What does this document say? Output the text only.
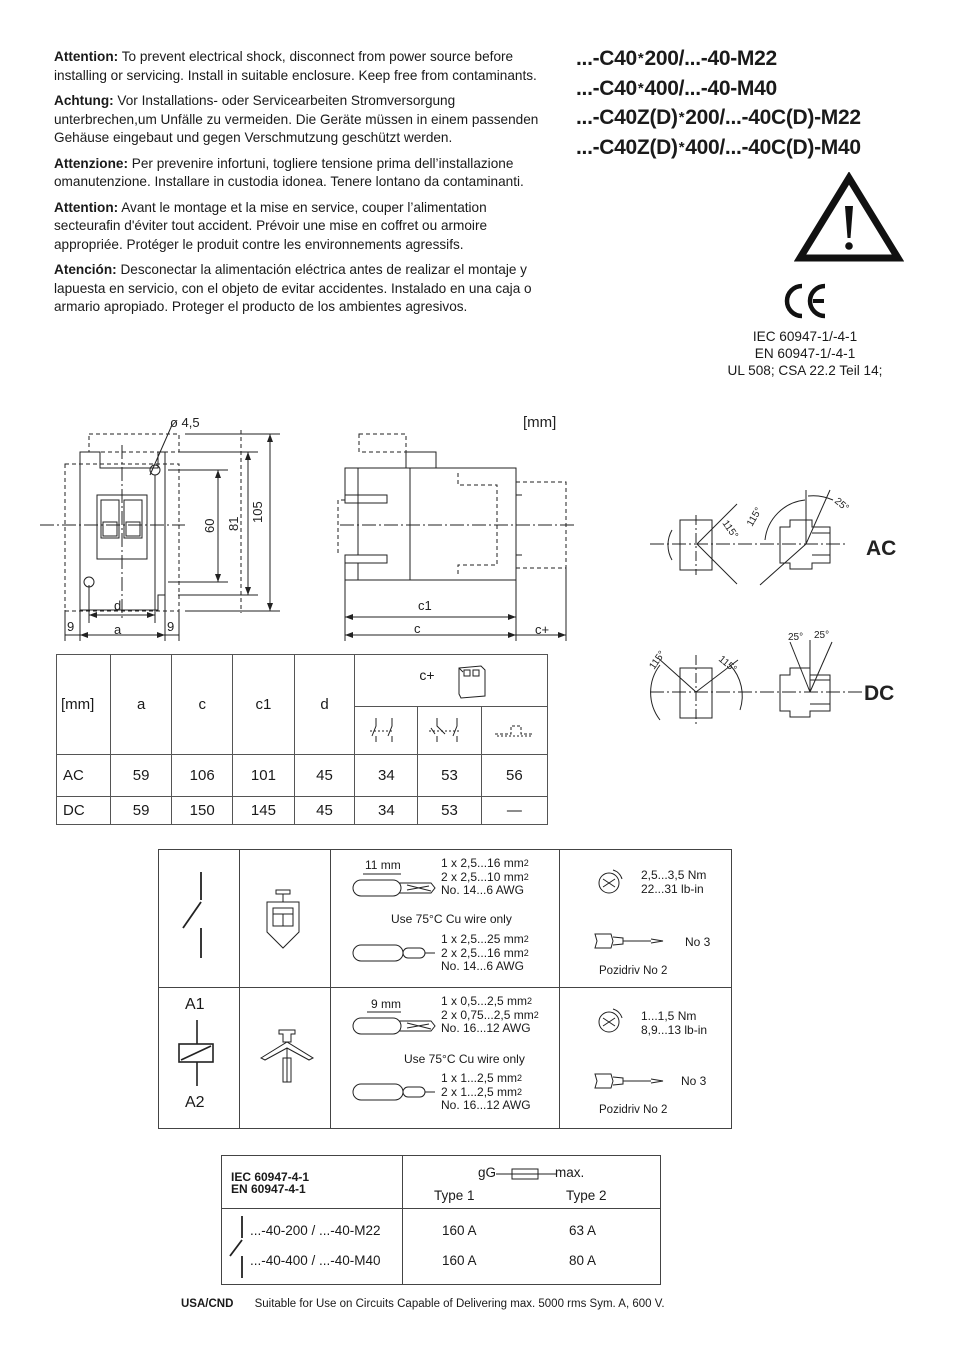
Attention: To prevent electrical shock, disconnect from power source before installing or servicing. Install in suitable enclosure. Keep free from contaminants.

Achtung: Vor Installations- oder Servicearbeiten Stromversorgung unterbrechen,um Unfälle zu vermeiden. Die Geräte müssen in einem passenden Gehäuse eingebaut und gegen Verschmutzung geschützt werden.

Attenzione: Per prevenire infortuni, togliere tensione prima dell’installazione omanutenzione. Installare in custodia idonea. Tenere lontano da contaminanti.

Attention: Avant le montage et la mise en service, couper l’alimentation secteurafin d'éviter tout accident. Prévoir une mise en coffret ou armoire appropriée. Protéger le produit contre les environnements agressifs.

Atención: Desconectar la alimentación eléctrica antes de realizar el montaje y lapuesta en servicio, con el objeto de evitar accidentes. Instalado en una caja o armario apropiado. Proteger el producto de los ambientes agresivos.

...-C40*200/...-40-M22
...-C40*400/...-40-M40
...-C40Z(D)*200/...-40C(D)-M22
...-C40Z(D)*400/...-40C(D)-M40
IEC 60947-1/-4-1
EN 60947-1/-4-1
UL 508; CSA 22.2 Teil 14;
ø 4,5	[mm]
60 81
105
d
a
9	9
c1
c	c+
115°
115°
25°
AC
115°	115°
25° 25°
DC
[mm]	a	c	c1	d	c+		

AC	59	106	101	45	34	53	56
DC	59	150	145	45	34	53	—
11 mm	1 x 2,5...16 $mm^2$
2 x 2,5...10 $mm^2$
No. 14...6 AWG
Use 75°C Cu wire only
1 x 2,5...25 $mm^2$
2 x 2,5...16 $mm^2$
No. 14...6 AWG
2,5...3,5 Nm
22...31 lb-in
No 3
Pozidriv No 2
A1
A2
9 mm	1 x 0,5...2,5 $mm^2$
2 x 0,75...2,5 $mm^2$
No. 16...12 AWG
Use 75°C Cu wire only
1 x 1...2,5 $mm^2$
2 x 1...2,5 $mm^2$
No. 16...12 AWG
1...1,5 Nm
8,9...13 lb-in
No 3
Pozidriv No 2
IEC 60947-4-1
EN 60947-4-1
gG	max.
Type 1	Type 2
...-40-200 / ...-40-M22	160 A	63 A
...-40-400 / ...-40-M40	160 A	80 A
USA/CND Suitable for Use on Circuits Capable of Delivering max. 5000 rms Sym. A, 600 V.
